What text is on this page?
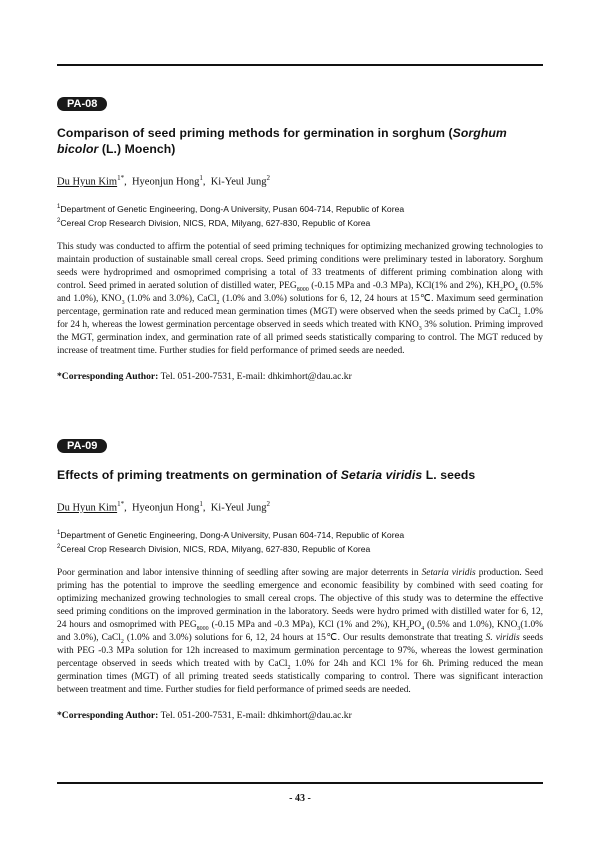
PA-08
Comparison of seed priming methods for germination in sorghum (Sorghum bicolor (L.) Moench)
Du Hyun Kim$^{1*}$,  Hyeonjun Hong$^1$,  Ki-Yeul Jung$^2$
$^1$Department of Genetic Engineering, Dong-A University, Pusan 604-714, Republic of Korea
$^2$Cereal Crop Research Division, NICS, RDA, Milyang, 627-830, Republic of Korea
This study was conducted to affirm the potential of seed priming techniques for optimizing mechanized growing technologies to maintain production of sustainable small cereal crops. Seed priming conditions were preliminary tested in laboratory. Sorghum seeds were hydroprimed and osmoprimed comprising a total of 33 treatments of different priming combination along with control. Seed primed in aerated solution of distilled water, $PEG_{8000}$ (-0.15 MPa and -0.3 MPa), KCl(1% and 2%), $KH_2PO_4$ (0.5% and 1.0%), $KNO_3$ (1.0% and 3.0%), CaCl$_2$ (1.0% and 3.0%) solutions for 6, 12, 24 hours at 15℃. Maximum seed germination percentage, germination rate and reduced mean germination times (MGT) were observed when the seeds primed by CaCl$_2$ 1.0% for 24 h, whereas the lowest germination percentage observed in seeds which treated with $KNO_3$ 3% solution. Priming improved the MGT, germination index, and germination rate of all primed seeds statistically comparing to control. The MGT reduced by increase of treatment time. Further studies for field performance of primed seeds are needed.
*Corresponding Author: Tel. 051-200-7531, E-mail: dhkimhort@dau.ac.kr
PA-09
Effects of priming treatments on germination of Setaria viridis L. seeds
Du Hyun Kim$^{1*}$,  Hyeonjun Hong$^1$,  Ki-Yeul Jung$^2$
$^1$Department of Genetic Engineering, Dong-A University, Pusan 604-714, Republic of Korea
$^2$Cereal Crop Research Division, NICS, RDA, Milyang, 627-830, Republic of Korea
Poor germination and labor intensive thinning of seedling after sowing are major deterrents in Setaria viridis production. Seed priming has the potential to improve the seedling emergence and economic feasibility by combined with seed coating for optimizing mechanized growing technologies to small cereal crops. The objective of this study was to determine the effective seed priming conditions on the improved germination in the laboratory. Seeds were hydro primed with distilled water for 6, 12, 24 hours and osmoprimed with $PEG_{8000}$ (-0.15 MPa and -0.3 MPa), KCl (1% and 2%), $KH_2PO_4$ (0.5% and 1.0%), $KNO_3(1.0\%$ and 3.0%), CaCl$_2$ (1.0% and 3.0%) solutions for 6, 12, 24 hours at 15℃. Our results demonstrate that treating S. viridis seeds with PEG -0.3 MPa solution for 12h increased to maximum germination percentage to 97%, whereas the lowest germination percentage observed in seeds which treated with by CaCl$_2$ 1.0% for 24h and KCl 1% for 6h. Priming reduced the mean germination times (MGT) of all priming treated seeds statistically comparing to control. There was significant interaction between treatment and time. Further studies for field performance of primed seeds are needed.
*Corresponding Author: Tel. 051-200-7531, E-mail: dhkimhort@dau.ac.kr
- 43 -
